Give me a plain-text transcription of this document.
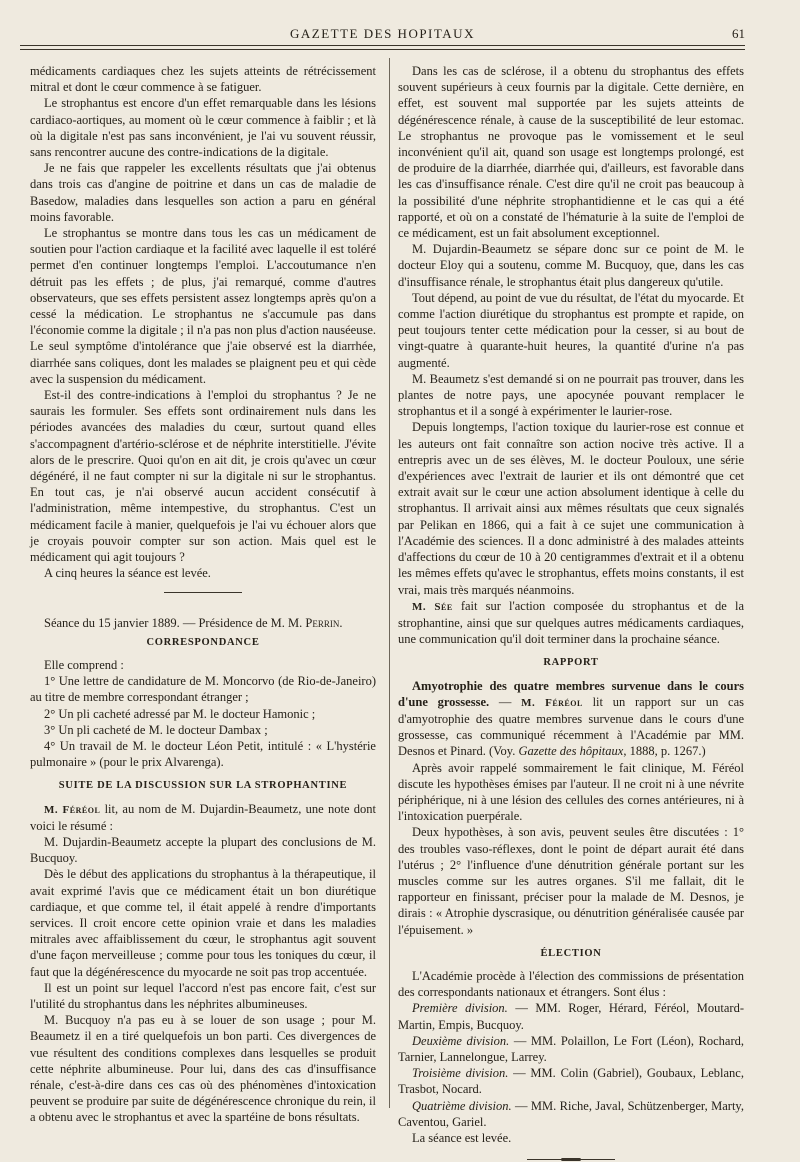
GAZETTE DES HOPITAUX	61

médicaments cardiaques chez les sujets atteints de rétrécissement mitral et dont le cœur commence à se fatiguer.

Le strophantus est encore d'un effet remarquable dans les lésions cardiaco-aortiques, au moment où le cœur commence à faiblir ; et là où la digitale n'est pas sans inconvénient, je l'ai vu souvent réussir, sans rencontrer aucune des contre-indications de la digitale.

Je ne fais que rappeler les excellents résultats que j'ai obtenus dans trois cas d'angine de poitrine et dans un cas de maladie de Basedow, maladies dans lesquelles son action a paru en général moins favorable.

Le strophantus se montre dans tous les cas un médicament de soutien pour l'action cardiaque et la facilité avec laquelle il est toléré permet d'en continuer longtemps l'emploi. L'accoutumance n'en détruit pas les effets ; de plus, j'ai remarqué, comme d'autres observateurs, que ses effets persistent assez longtemps après qu'on a cessé la médication. Le strophantus ne s'accumule pas dans l'économie comme la digitale ; il n'a pas non plus d'action nauséeuse. Le seul symptôme d'intolérance que j'aie observé est la diarrhée, diarrhée sans coliques, dont les malades se plaignent peu et qui cède avec la suspension du médicament.

Est-il des contre-indications à l'emploi du strophantus ? Je ne saurais les formuler. Ses effets sont ordinairement nuls dans les périodes avancées des maladies du cœur, surtout quand elles s'accompagnent d'artério-sclérose et de néphrite interstitielle. J'évite alors de le prescrire. Quoi qu'on en ait dit, je crois qu'avec un cœur dégénéré, il ne faut compter ni sur la digitale ni sur le strophantus. En tout cas, je n'ai observé aucun accident consécutif à l'administration, même intempestive, du strophantus. C'est un médicament facile à manier, quelquefois je l'ai vu échouer alors que je croyais pouvoir compter sur son action. Mais quel est le médicament qui agit toujours ?

A cinq heures la séance est levée.

Séance du 15 janvier 1889. — Présidence de M. M. Perrin.

CORRESPONDANCE

Elle comprend :

1° Une lettre de candidature de M. Moncorvo (de Rio-de-Janeiro) au titre de membre correspondant étranger ;

2° Un pli cacheté adressé par M. le docteur Hamonic ;

3° Un pli cacheté de M. le docteur Dambax ;

4° Un travail de M. le docteur Léon Petit, intitulé : « L'hystérie pulmonaire » (pour le prix Alvarenga).

SUITE DE LA DISCUSSION SUR LA STROPHANTINE

M. Féréol lit, au nom de M. Dujardin-Beaumetz, une note dont voici le résumé :

M. Dujardin-Beaumetz accepte la plupart des conclusions de M. Bucquoy.

Dès le début des applications du strophantus à la thérapeutique, il avait exprimé l'avis que ce médicament était un bon diurétique cardiaque, et que comme tel, il était appelé à rendre d'importants services. Il croit encore cette opinion vraie et dans les maladies mitrales avec affaiblissement du cœur, le strophantus agit souvent d'une façon merveilleuse ; comme pour tous les toniques du cœur, il faut que la dégénérescence du myocarde ne soit pas trop accentuée.

Il est un point sur lequel l'accord n'est pas encore fait, c'est sur l'utilité du strophantus dans les néphrites albumineuses.

M. Bucquoy n'a pas eu à se louer de son usage ; pour M. Beaumetz il en a tiré quelquefois un bon parti. Ces divergences de vue résultent des conditions complexes dans lesquelles se produit cette néphrite albumineuse. Pour lui, dans des cas d'insuffisance rénale, c'est-à-dire dans ces cas où des phénomènes d'intoxication peuvent se produire par suite de dégénérescence chronique du rein, il a obtenu avec le strophantus et avec la spartéine de bons résultats.

Dans les cas de sclérose, il a obtenu du strophantus des effets souvent supérieurs à ceux fournis par la digitale. Cette dernière, en effet, est souvent mal supportée par les sujets atteints de dégénérescence rénale, à cause de la susceptibilité de leur estomac. Le strophantus ne provoque pas le vomissement et le seul inconvénient qu'il ait, quand son usage est longtemps prolongé, est de produire de la diarrhée, diarrhée qui, d'ailleurs, est favorable dans les cas d'insuffisance rénale. C'est dire qu'il ne croit pas beaucoup à la possibilité d'une néphrite strophantidienne et le cas qui a été rapporté, et où on a constaté de l'hématurie à la suite de l'emploi de ce médicament, est un fait absolument exceptionnel.

M. Dujardin-Beaumetz se sépare donc sur ce point de M. le docteur Eloy qui a soutenu, comme M. Bucquoy, que, dans les cas d'insuffisance rénale, le strophantus était plus dangereux qu'utile.

Tout dépend, au point de vue du résultat, de l'état du myocarde. Et comme l'action diurétique du strophantus est prompte et rapide, on peut toujours tenter cette médication pour la cesser, si au bout de vingt-quatre à quarante-huit heures, la quantité d'urine n'a pas augmenté.

M. Beaumetz s'est demandé si on ne pourrait pas trouver, dans les plantes de notre pays, une apocynée pouvant remplacer le strophantus et il a songé à expérimenter le laurier-rose.

Depuis longtemps, l'action toxique du laurier-rose est connue et les auteurs ont fait connaître son action nocive très active. Il a entrepris avec un de ses élèves, M. le docteur Pouloux, une série d'expériences avec l'extrait de laurier et ils ont démontré que cet extrait avait sur le cœur une action absolument identique à celle du strophantus. Il arrivait ainsi aux mêmes résultats que ceux signalés par Pelikan en 1866, qui a fait à ce sujet une communication à l'Académie des sciences. Il a donc administré à des malades atteints d'affections du cœur de 10 à 20 centigrammes d'extrait et il a obtenu les mêmes effets qu'avec le strophantus, effets moins constants, il est vrai, mais très marqués néanmoins.

M. Sée fait sur l'action composée du strophantus et de la strophantine, ainsi que sur quelques autres médicaments cardiaques, une communication qu'il doit terminer dans la prochaine séance.

RAPPORT

Amyotrophie des quatre membres survenue dans le cours d'une grossesse. — M. Féréol lit un rapport sur un cas d'amyotrophie des quatre membres survenue dans le cours d'une grossesse, cas communiqué récemment à l'Académie par MM. Desnos et Pinard. (Voy. Gazette des hôpitaux, 1888, p. 1267.)

Après avoir rappelé sommairement le fait clinique, M. Féréol discute les hypothèses émises par l'auteur. Il ne croit ni à une névrite périphérique, ni à une lésion des cellules des cornes antérieures, ni à l'intoxication puerpérale.

Deux hypothèses, à son avis, peuvent seules être discutées : 1° des troubles vaso-réflexes, dont le point de départ aurait été dans l'utérus ; 2° l'influence d'une dénutrition générale portant sur les muscles comme sur les autres organes. S'il me fallait, dit le rapporteur en finissant, préciser pour la malade de M. Desnos, je dirais : « Atrophie dyscrasique, ou dénutrition généralisée causée par l'épuisement. »

ÉLECTION

L'Académie procède à l'élection des commissions de présentation des correspondants nationaux et étrangers. Sont élus :

Première division. — MM. Roger, Hérard, Féréol, Moutard-Martin, Empis, Bucquoy.

Deuxième division. — MM. Polaillon, Le Fort (Léon), Rochard, Tarnier, Lannelongue, Larrey.

Troisième division. — MM. Colin (Gabriel), Goubaux, Leblanc, Trasbot, Nocard.

Quatrième division. — MM. Riche, Javal, Schützenberger, Marty, Caventou, Gariel.

La séance est levée.
